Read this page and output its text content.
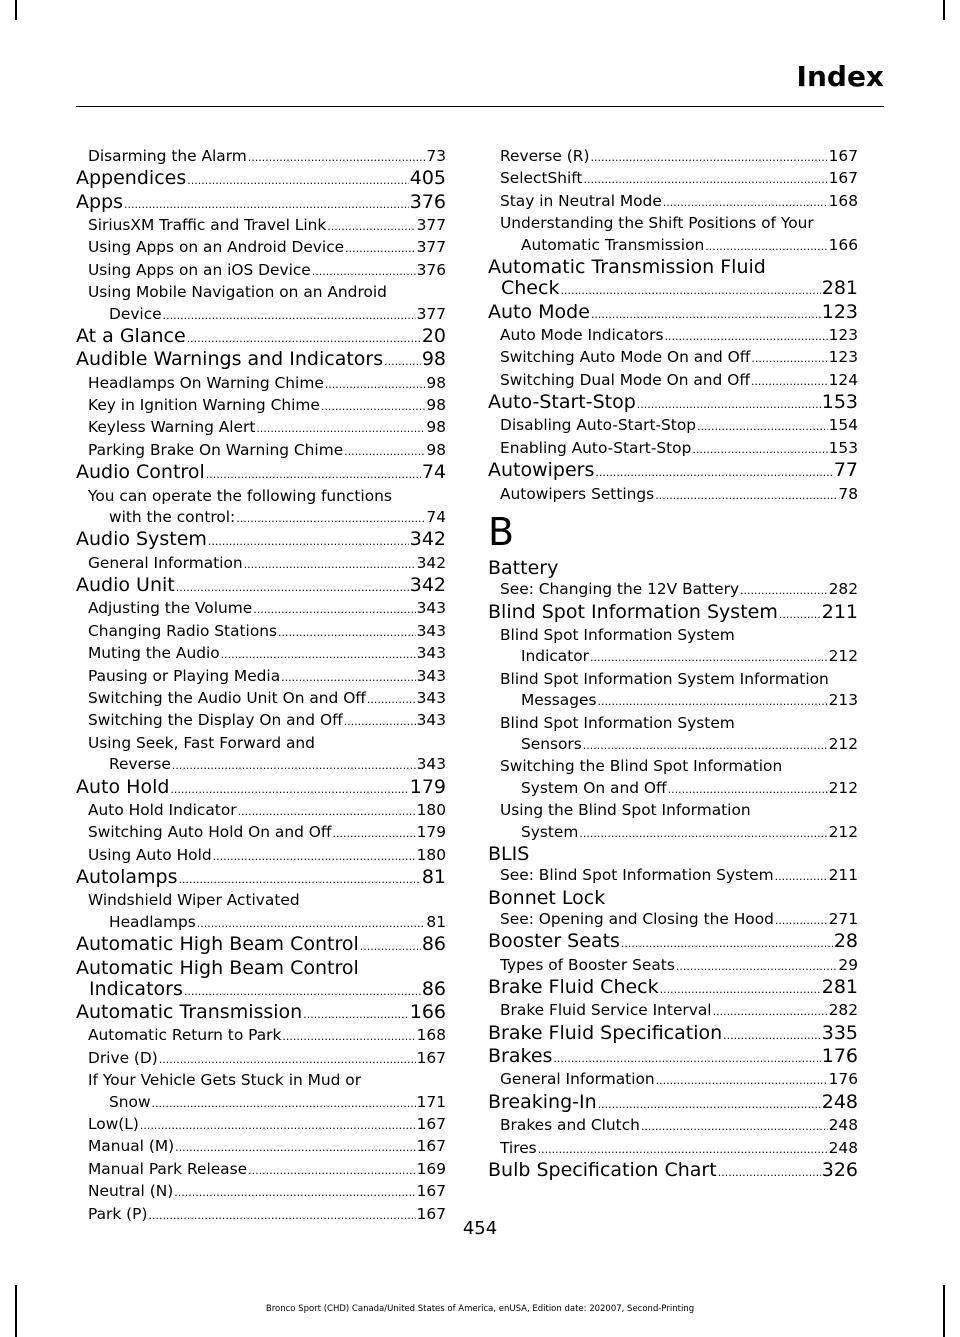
Index
Disarming the Alarm .....	73
Appendices .....	405
Apps .....	376
SiriusXM Traffic and Travel Link .....	377
Using Apps on an Android Device .....	377
Using Apps on an iOS Device .....	376
Using Mobile Navigation on an Android
Device .....	377
At a Glance .....	20
Audible Warnings and Indicators ..... 98
Headlamps On Warning Chime .....	98
Key in Ignition Warning Chime .....	98
Keyless Warning Alert .....	98
Parking Brake On Warning Chime .....	98
Audio Control .....	74
You can operate the following functions
with the control: .....	74
Audio System .....	342
General Information .....	342
Audio Unit .....	342
Adjusting the Volume .....	343
Changing Radio Stations .....	343
Muting the Audio .....	343
Pausing or Playing Media .....	343
Switching the Audio Unit On and Off .....	343
Switching the Display On and Off .....	343
Using Seek, Fast Forward and
Reverse .....	343
Auto Hold .....	179
Auto Hold Indicator .....	180
Switching Auto Hold On and Off .....	179
Using Auto Hold .....	180
Autolamps .....	81
Windshield Wiper Activated
Headlamps .....	81
Automatic High Beam Control .....	86
Automatic High Beam Control
Indicators .....	86
Automatic Transmission .....	166
Automatic Return to Park .....	168
Drive (D) .....	167
If Your Vehicle Gets Stuck in Mud or
Snow .....	171
Low(L) .....	167
Manual (M) .....	167
Manual Park Release .....	169
Neutral (N) .....	167
Park (P) .....	167
Reverse (R) .....	167
SelectShift .....	167
Stay in Neutral Mode .....	168
Understanding the Shift Positions of Your
Automatic Transmission .....	166
Automatic Transmission Fluid
Check .....	281
Auto Mode .....	123
Auto Mode Indicators .....	123
Switching Auto Mode On and Off .....	123
Switching Dual Mode On and Off .....	124
Auto-Start-Stop .....	153
Disabling Auto-Start-Stop .....	154
Enabling Auto-Start-Stop .....	153
Autowipers .....	77
Autowipers Settings .....	78
B
Battery
See: Changing the 12V Battery .....	282
Blind Spot Information System ..... 211
Blind Spot Information System
Indicator .....	212
Blind Spot Information System Information
Messages .....	213
Blind Spot Information System
Sensors .....	212
Switching the Blind Spot Information
System On and Off .....	212
Using the Blind Spot Information
System .....	212
BLIS
See: Blind Spot Information System .....	211
Bonnet Lock
See: Opening and Closing the Hood .....	271
Booster Seats .....	28
Types of Booster Seats .....	29
Brake Fluid Check .....	281
Brake Fluid Service Interval .....	282
Brake Fluid Specification .....	335
Brakes .....	176
General Information .....	176
Breaking-In .....	248
Brakes and Clutch .....	248
Tires .....	248
Bulb Specification Chart .....	326
454
Bronco Sport (CHD) Canada/United States of America, enUSA, Edition date: 202007, Second-Printing
